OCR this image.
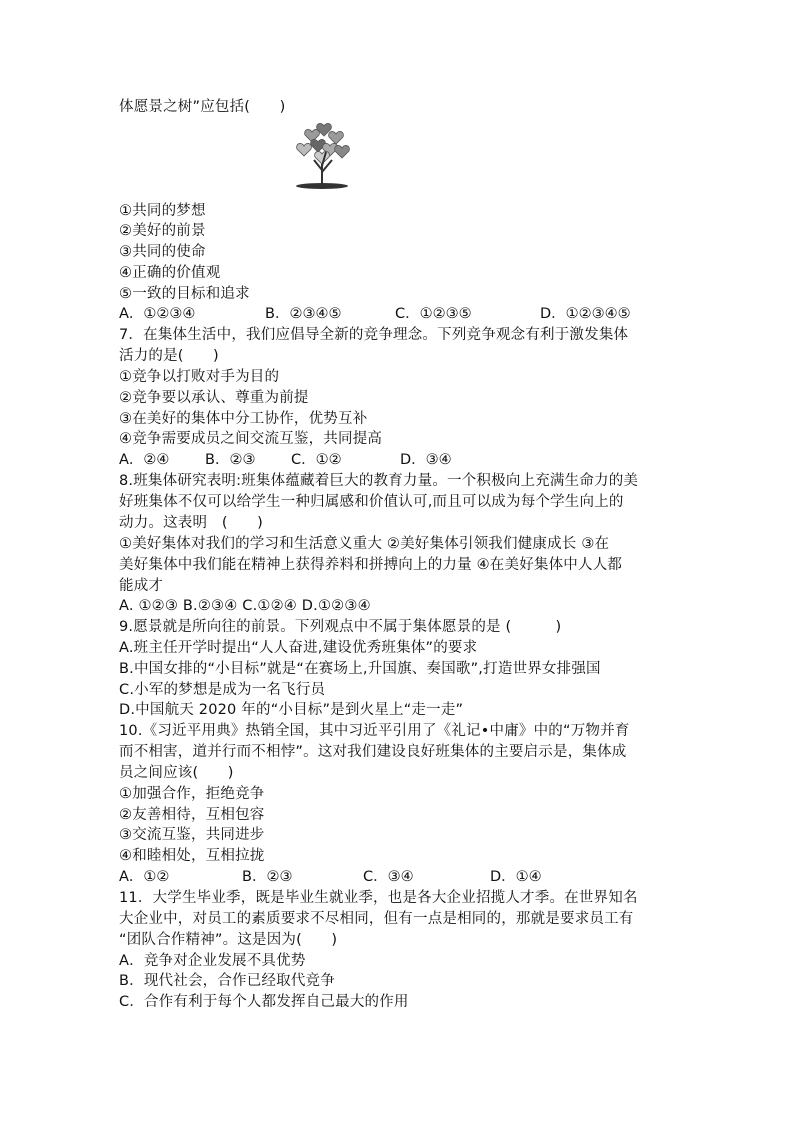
体愿景之树”应包括(　　)
①共同的梦想
②美好的前景
③共同的使命
④正确的价值观
⑤一致的目标和追求
A．①②③④	B．②③④⑤	C．①②③⑤	D．①②③④⑤
7．在集体生活中，我们应倡导全新的竞争理念。下列竞争观念有利于激发集体
活力的是(　　)
①竞争以打败对手为目的
②竞争要以承认、尊重为前提
③在美好的集体中分工协作，优势互补
④竞争需要成员之间交流互鉴，共同提高
A．②④ B．②③ C．①②	D．③④
8.班集体研究表明:班集体蕴藏着巨大的教育力量。一个积极向上充满生命力的美
好班集体不仅可以给学生一种归属感和价值认可,而且可以成为每个学生向上的
动力。这表明　(　　)
①美好集体对我们的学习和生活意义重大 ②美好集体引领我们健康成长 ③在
美好集体中我们能在精神上获得养料和拼搏向上的力量 ④在美好集体中人人都
能成才
A. ①②③ B.②③④ C.①②④ D.①②③④
9.愿景就是所向往的前景。下列观点中不属于集体愿景的是 (　　　)
A.班主任开学时提出“人人奋进,建设优秀班集体”的要求
B.中国女排的“小目标”就是“在赛场上,升国旗、奏国歌”,打造世界女排强国
C.小军的梦想是成为一名飞行员
D.中国航天 2020 年的“小目标”是到火星上“走一走”
10.《习近平用典》热销全国，其中习近平引用了《礼记•中庸》中的“万物并育
而不相害，道并行而不相悖”。这对我们建设良好班集体的主要启示是，集体成
员之间应该(　　)
①加强合作，拒绝竞争
②友善相待，互相包容
③交流互鉴，共同进步
④和睦相处，互相拉拢
A．①②	B．②③	C．③④	D．①④
11．大学生毕业季，既是毕业生就业季，也是各大企业招揽人才季。在世界知名
大企业中，对员工的素质要求不尽相同，但有一点是相同的，那就是要求员工有
“团队合作精神”。这是因为(　　)
A．竞争对企业发展不具优势
B．现代社会，合作已经取代竞争
C．合作有利于每个人都发挥自己最大的作用
